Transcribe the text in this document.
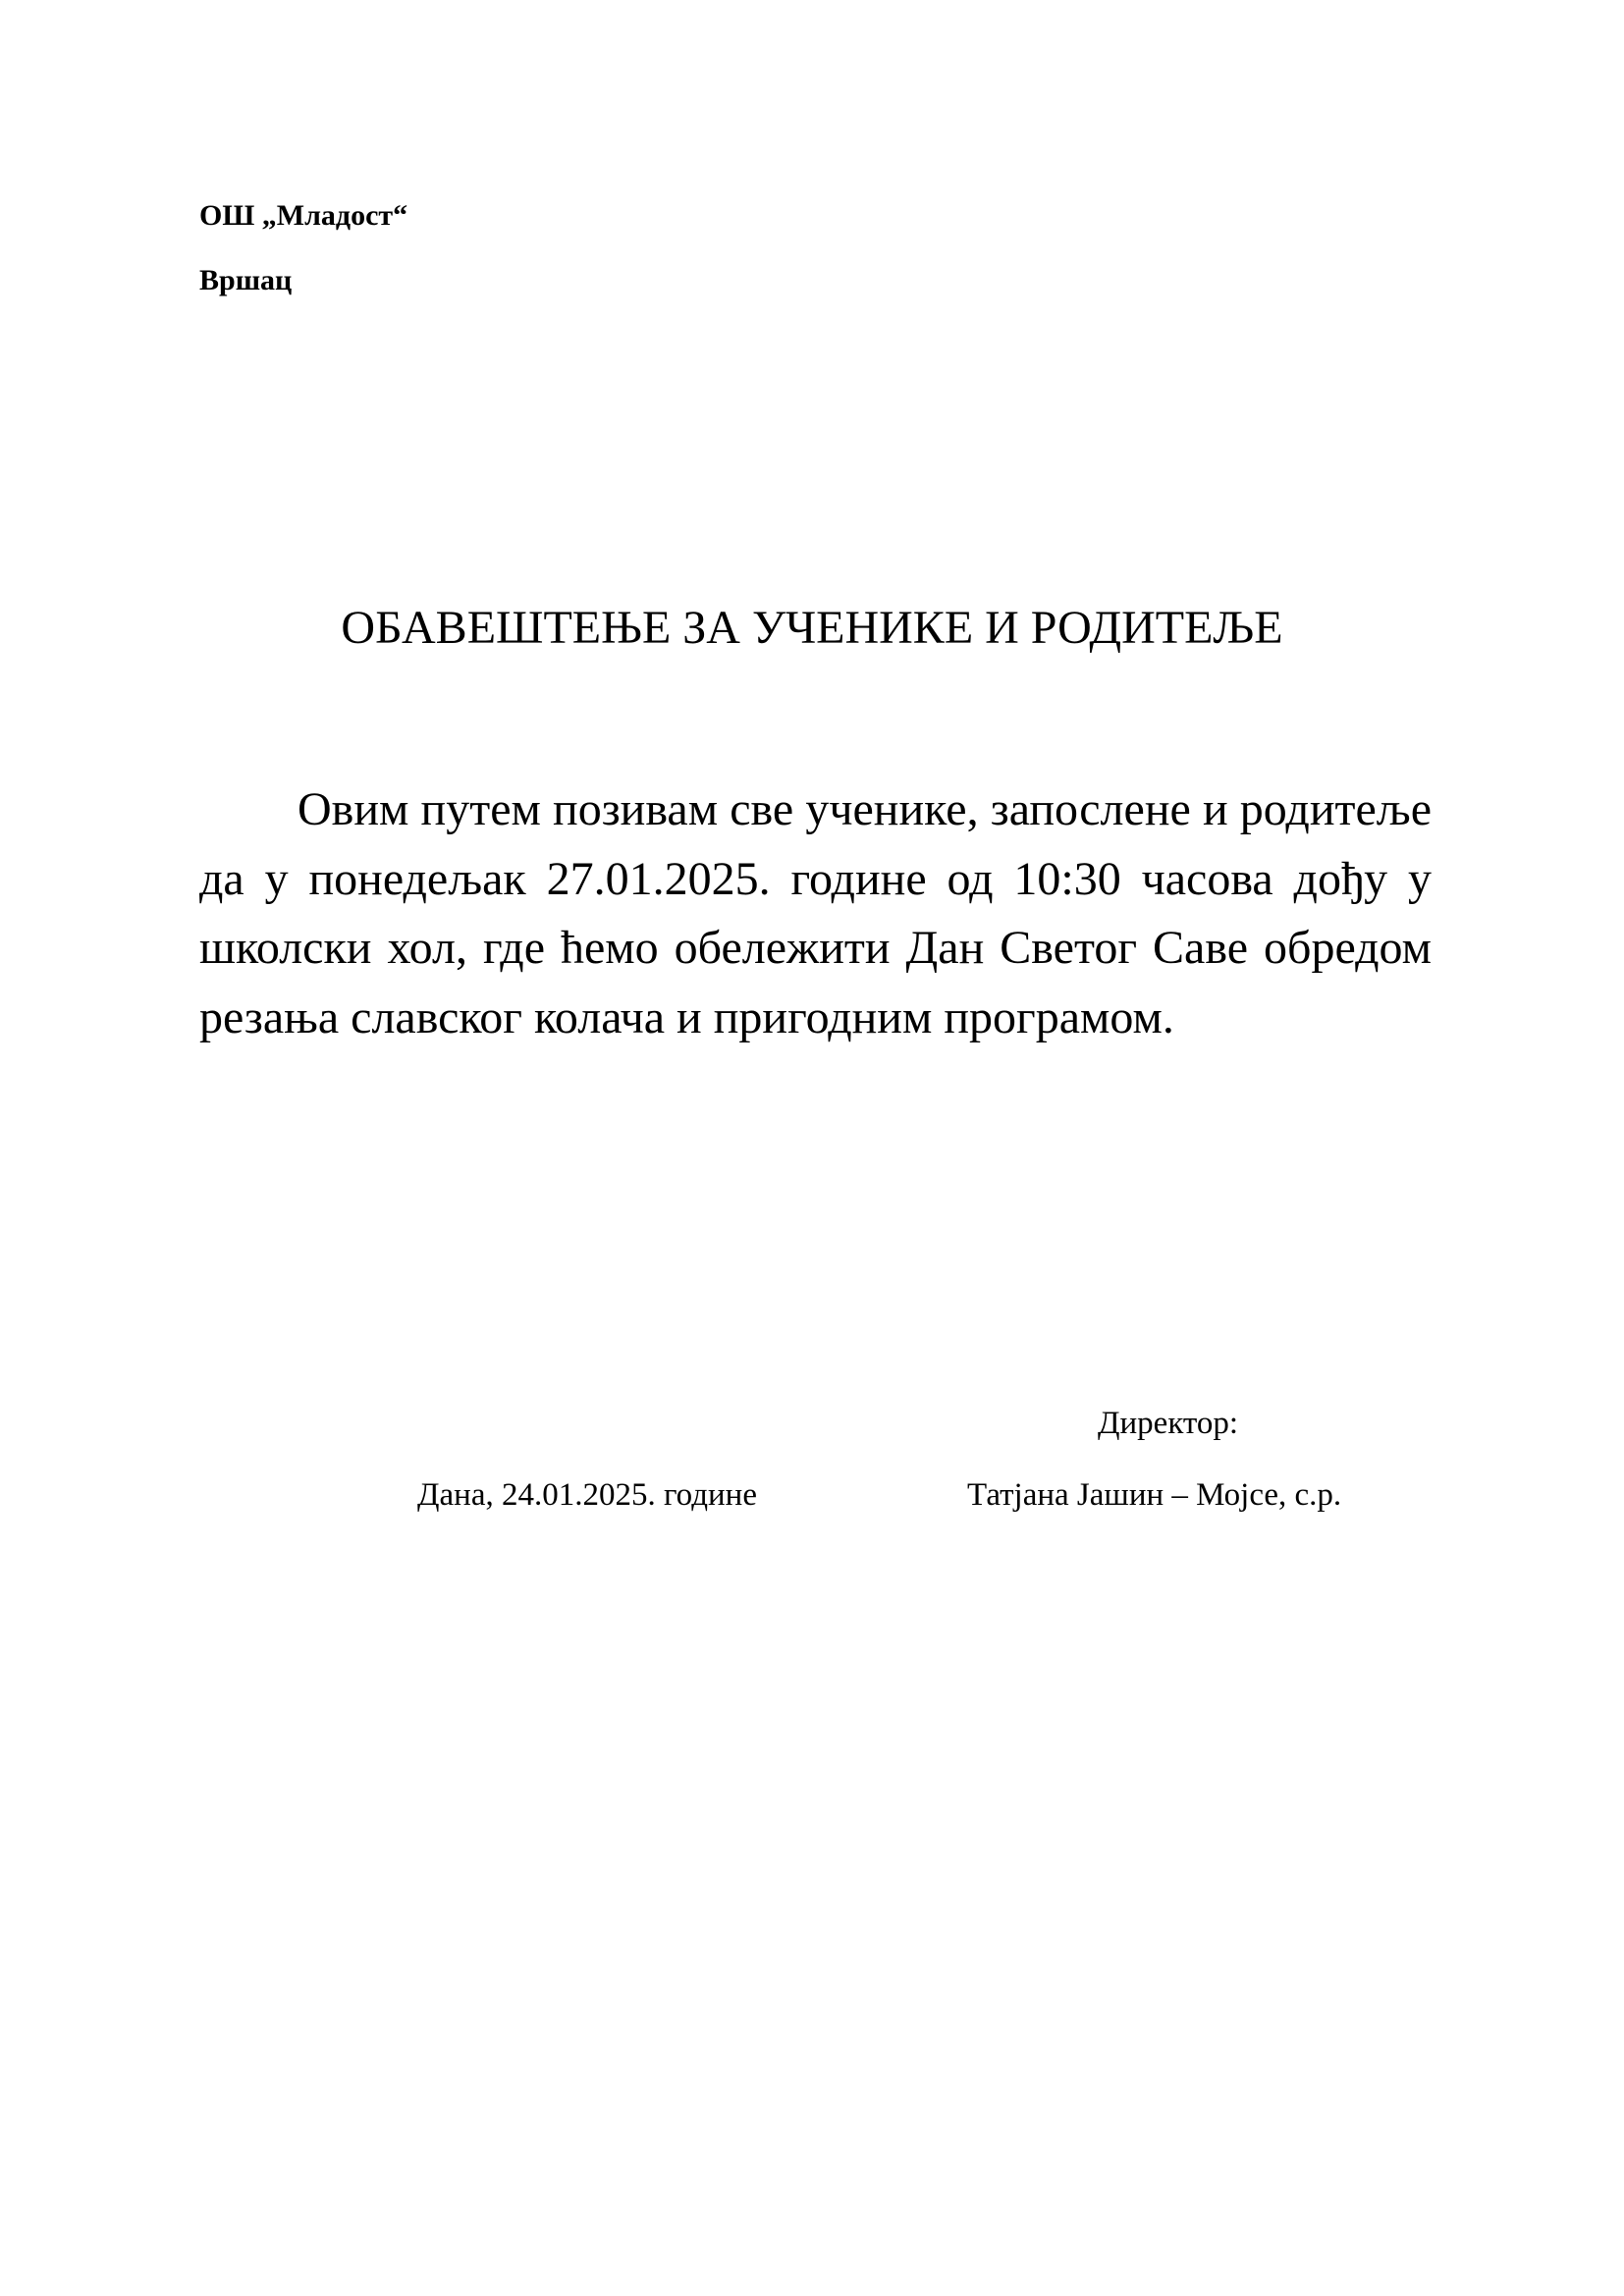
ОШ „Младост“
Вршац
ОБАВЕШТЕЊЕ ЗА УЧЕНИКЕ И РОДИТЕЉЕ

Овим путем позивам све ученике, запослене и родитеље да у понедељак 27.01.2025. године од 10:30 часова дођу у школски хол, где ћемо обележити Дан Светог Саве обредом резања славског колача и пригодним програмом.

Директор:
Дана, 24.01.2025. године	Татјана Јашин – Мојсе, с.р.
